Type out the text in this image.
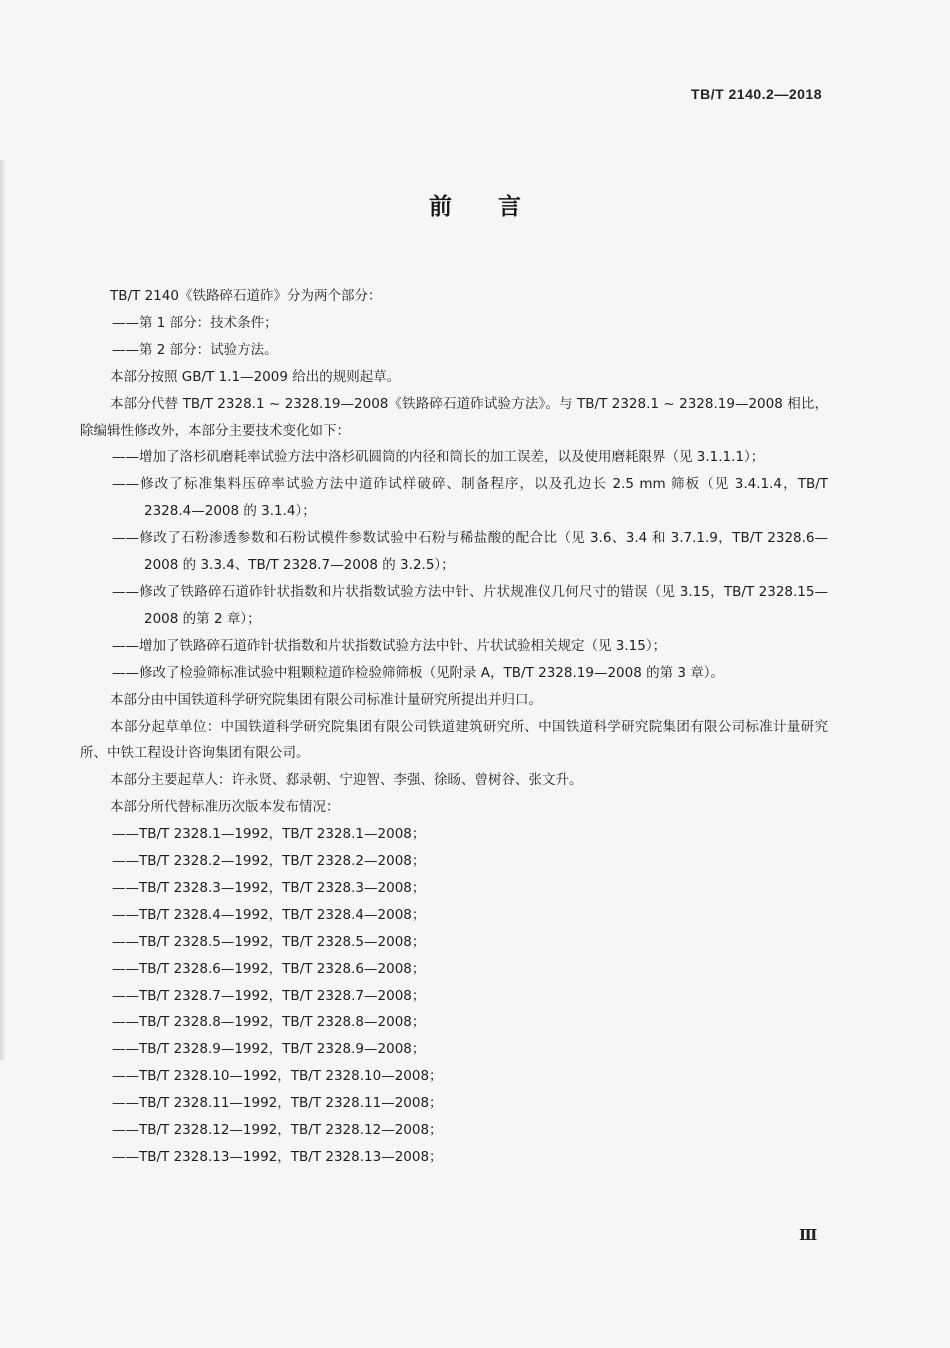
TB/T 2140.2—2018
前言

TB/T 2140《铁路碎石道砟》分为两个部分：

——第 1 部分：技术条件；

——第 2 部分：试验方法。

本部分按照 GB/T 1.1—2009 给出的规则起草。

本部分代替 TB/T 2328.1 ~ 2328.19—2008《铁路碎石道砟试验方法》。与 TB/T 2328.1 ~ 2328.19—2008 相比，除编辑性修改外，本部分主要技术变化如下：

——增加了洛杉矶磨耗率试验方法中洛杉矶圆筒的内径和筒长的加工误差，以及使用磨耗限界（见 3.1.1.1）；

——修改了标准集料压碎率试验方法中道砟试样破碎、制备程序，以及孔边长 2.5 mm 筛板（见 3.4.1.4，TB/T 2328.4—2008 的 3.1.4）；

——修改了石粉渗透参数和石粉试模件参数试验中石粉与稀盐酸的配合比（见 3.6、3.4 和 3.7.1.9，TB/T 2328.6—2008 的 3.3.4、TB/T 2328.7—2008 的 3.2.5）；

——修改了铁路碎石道砟针状指数和片状指数试验方法中针、片状规准仪几何尺寸的错误（见 3.15，TB/T 2328.15—2008 的第 2 章）；

——增加了铁路碎石道砟针状指数和片状指数试验方法中针、片状试验相关规定（见 3.15）；

——修改了检验筛标准试验中粗颗粒道砟检验筛筛板（见附录 A，TB/T 2328.19—2008 的第 3 章）。

本部分由中国铁道科学研究院集团有限公司标准计量研究所提出并归口。

本部分起草单位：中国铁道科学研究院集团有限公司铁道建筑研究所、中国铁道科学研究院集团有限公司标准计量研究所、中铁工程设计咨询集团有限公司。

本部分主要起草人：许永贤、郄录朝、宁迎智、李强、徐旸、曾树谷、张文升。

本部分所代替标准历次版本发布情况：

——TB/T 2328.1—1992，TB/T 2328.1—2008；

——TB/T 2328.2—1992，TB/T 2328.2—2008；

——TB/T 2328.3—1992，TB/T 2328.3—2008；

——TB/T 2328.4—1992，TB/T 2328.4—2008；

——TB/T 2328.5—1992，TB/T 2328.5—2008；

——TB/T 2328.6—1992，TB/T 2328.6—2008；

——TB/T 2328.7—1992，TB/T 2328.7—2008；

——TB/T 2328.8—1992，TB/T 2328.8—2008；

——TB/T 2328.9—1992，TB/T 2328.9—2008；

——TB/T 2328.10—1992，TB/T 2328.10—2008；

——TB/T 2328.11—1992，TB/T 2328.11—2008；

——TB/T 2328.12—1992，TB/T 2328.12—2008；

——TB/T 2328.13—1992，TB/T 2328.13—2008；

Ⅲ
